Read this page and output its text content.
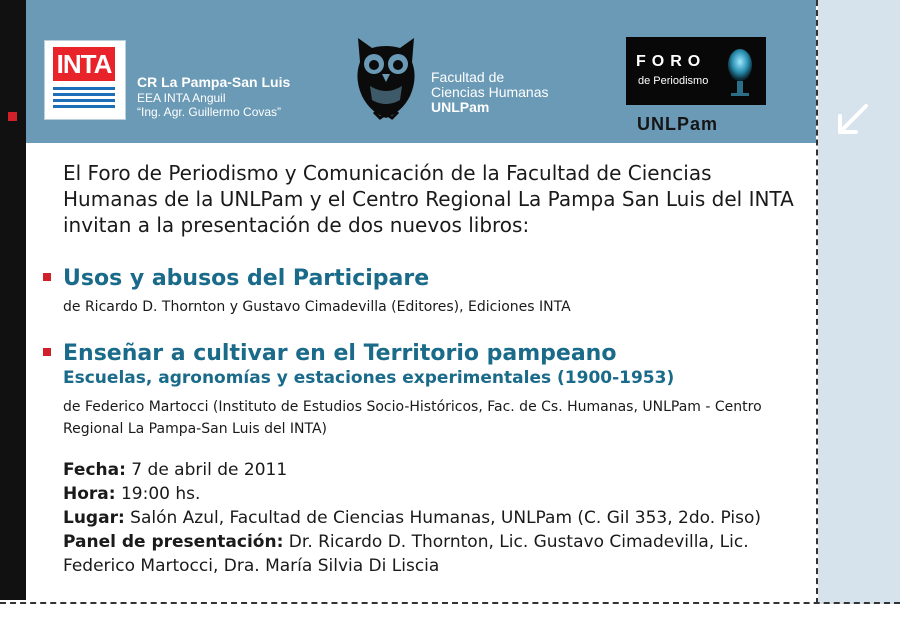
INTA
CR La Pampa-San Luis
EEA INTA Anguil
“Ing. Agr. Guillermo Covas”
Facultad de
Ciencias Humanas
UNLPam
FORO
de Periodismo
UNLPam
El Foro de Periodismo y Comunicación de la Facultad de Ciencias Humanas de la UNLPam y el Centro Regional La Pampa San Luis del INTA invitan a la presentación de dos nuevos libros:
Usos y abusos del Participare
de Ricardo D. Thornton y Gustavo Cimadevilla (Editores), Ediciones INTA
Enseñar a cultivar en el Territorio pampeano
Escuelas, agronomías y estaciones experimentales (1900-1953)
de Federico Martocci (Instituto de Estudios Socio-Históricos, Fac. de Cs. Humanas, UNLPam - Centro Regional La Pampa-San Luis del INTA)
Fecha: 7 de abril de 2011
Hora: 19:00 hs.
Lugar: Salón Azul, Facultad de Ciencias Humanas, UNLPam (C. Gil 353, 2do. Piso)
Panel de presentación: Dr. Ricardo D. Thornton, Lic. Gustavo Cimadevilla, Lic. Federico Martocci, Dra. María Silvia Di Liscia
